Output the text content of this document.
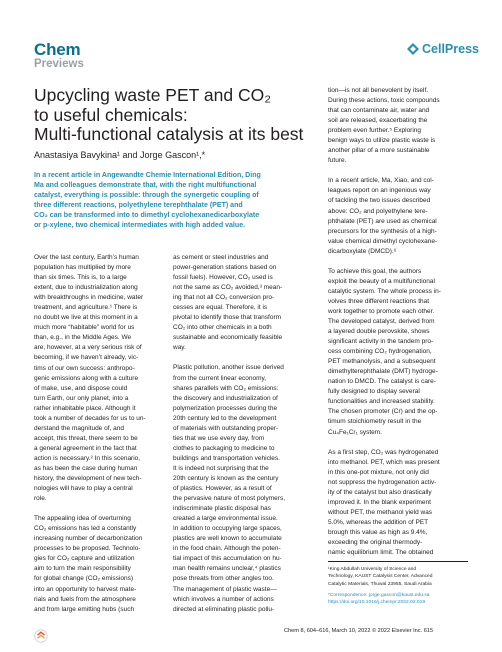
Chem
Previews
CellPress
Upcycling waste PET and CO₂
to useful chemicals:
Multi-functional catalysis at its best
Anastasiya Bavykina¹ and Jorge Gascon¹,*
In a recent article in Angewandte Chemie International Edition, Ding
Ma and colleagues demonstrate that, with the right multifunctional
catalyst, everything is possible: through the synergetic coupling of
three different reactions, polyethylene terephthalate (PET) and
CO₂ can be transformed into to dimethyl cyclohexanedicarboxylate
or p-xylene, two chemical intermediates with high added value.
Over the last century, Earth’s human
population has multiplied by more
than six times. This is, to a large
extent, due to industrialization along
with breakthroughs in medicine, water
treatment, and agriculture.¹ There is
no doubt we live at this moment in a
much more “habitable” world for us
than, e.g., in the Middle Ages. We
are, however, at a very serious risk of
becoming, if we haven’t already, vic-
tims of our own success: anthropo-
genic emissions along with a culture
of make, use, and dispose could
turn Earth, our only planet, into a
rather inhabitable place. Although it
took a number of decades for us to un-
derstand the magnitude of, and
accept, this threat, there seem to be
a general agreement in the fact that
action is necessary.² In this scenario,
as has been the case during human
history, the development of new tech-
nologies will have to play a central
role.
The appealing idea of overturning
CO₂ emissions has led a constantly
increasing number of decarbonization
processes to be proposed. Technolo-
gies for CO₂ capture and utilization
aim to turn the main responsibility
for global change (CO₂ emissions)
into an opportunity to harvest mate-
rials and fuels from the atmosphere
and from large emitting hubs (such
as cement or steel industries and
power-generation stations based on
fossil fuels). However, CO₂ used is
not the same as CO₂ avoided,³ mean-
ing that not all CO₂ conversion pro-
cesses are equal. Therefore, it is
pivotal to identify those that transform
CO₂ into other chemicals in a both
sustainable and economically feasible
way.
Plastic pollution, another issue derived
from the current linear economy,
shares parallels with CO₂ emissions:
the discovery and industrialization of
polymerization processes during the
20th century led to the development
of materials with outstanding proper-
ties that we use every day, from
clothes to packaging to medicine to
buildings and transportation vehicles.
It is indeed not surprising that the
20th century is known as the century
of plastics. However, as a result of
the pervasive nature of most polymers,
indiscriminate plastic disposal has
created a large environmental issue.
In addition to occupying large spaces,
plastics are well known to accumulate
in the food chain. Although the poten-
tial impact of this accumulation on hu-
man health remains unclear,⁴ plastics
pose threats from other angles too.
The management of plastic waste—
which involves a number of actions
directed at eliminating plastic pollu-
tion—is not all benevolent by itself.
During these actions, toxic compounds
that can contaminate air, water and
soil are released, exacerbating the
problem even further.⁵ Exploring
benign ways to utilize plastic waste is
another pillar of a more sustainable
future.
In a recent article, Ma, Xiao, and col-
leagues report on an ingenious way
of tackling the two issues described
above: CO₂ and polyethylene tere-
phthalate (PET) are used as chemical
precursors for the synthesis of a high-
value chemical dimethyl cyclohexane-
dicarboxylate (DMCD).⁶
To achieve this goal, the authors
exploit the beauty of a multifunctional
catalytic system. The whole process in-
volves three different reactions that
work together to promote each other.
The developed catalyst, derived from
a layered double perovskite, shows
significant activity in the tandem pro-
cess combining CO₂ hydrogenation,
PET methanolysis, and a subsequent
dimethylterephthalate (DMT) hydroge-
nation to DMCD. The catalyst is care-
fully designed to display several
functionalities and increased stability.
The chosen promoter (Cr) and the op-
timum stoichiometry result in the
Cu₄Fe₁Cr₁ system.
As a first step, CO₂ was hydrogenated
into methanol. PET, which was present
in this one-pot mixture, not only did
not suppress the hydrogenation activ-
ity of the catalyst but also drastically
improved it. In the blank experiment
without PET, the methanol yield was
5.0%, whereas the addition of PET
brough this value as high as 9.4%,
exceeding the original thermody-
namic equilibrium limit. The obtained
¹King Abdullah University of Science and
Technology, KAUST Catalysis Center, Advanced
Catalytic Materials, Thuwal 23955, Saudi Arabia
*Correspondence: jorge.gascon@kaust.edu.sa
https://doi.org/10.1016/j.chempr.2022.02.019
Chem 8, 604–616, March 10, 2022 © 2022 Elsevier Inc. 615
